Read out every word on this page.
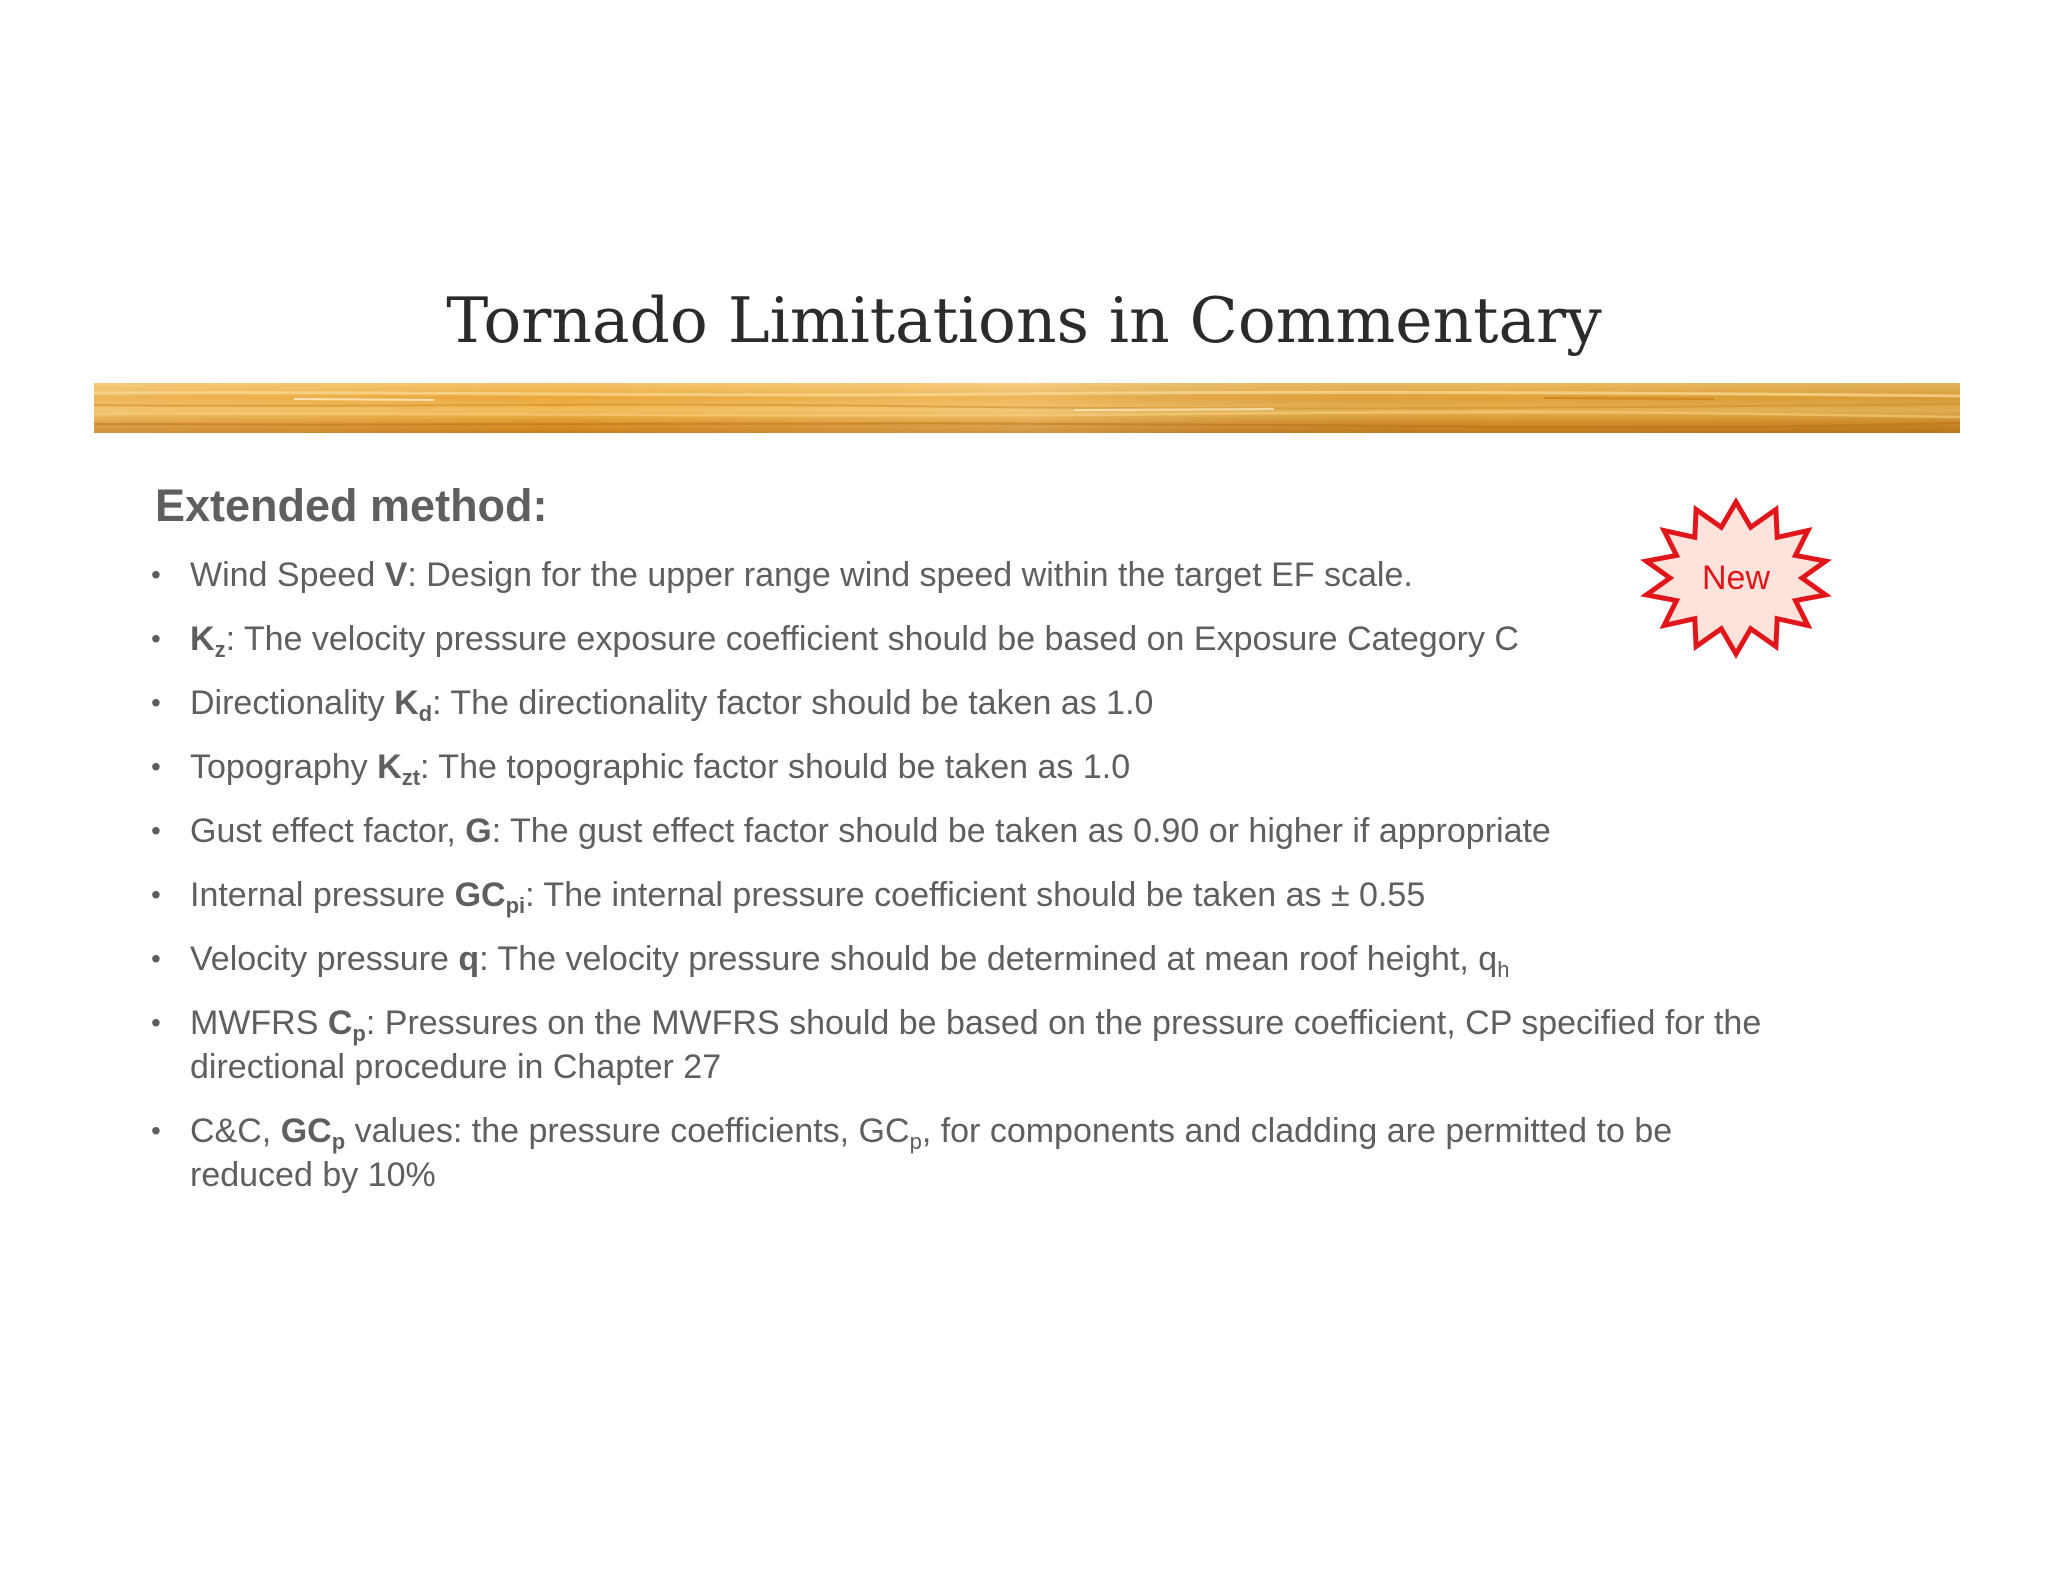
Tornado Limitations in Commentary
Extended method:
• Wind Speed V: Design for the upper range wind speed within the target EF scale.
• $K_z$: The velocity pressure exposure coefficient should be based on Exposure Category C
• Directionality $K_d$: The directionality factor should be taken as 1.0
• Topography $K_{zt}$: The topographic factor should be taken as 1.0
• Gust effect factor, G: The gust effect factor should be taken as 0.90 or higher if appropriate
• Internal pressure $GC_{pi}$: The internal pressure coefficient should be taken as ± 0.55
• Velocity pressure q: The velocity pressure should be determined at mean roof height, $q_h$
• MWFRS $C_p$: Pressures on the MWFRS should be based on the pressure coefficient, CP specified for the directional procedure in Chapter 27
• C&C, $GC_p$ values: the pressure coefficients, $GC_p$, for components and cladding are permitted to be reduced by 10%
New
